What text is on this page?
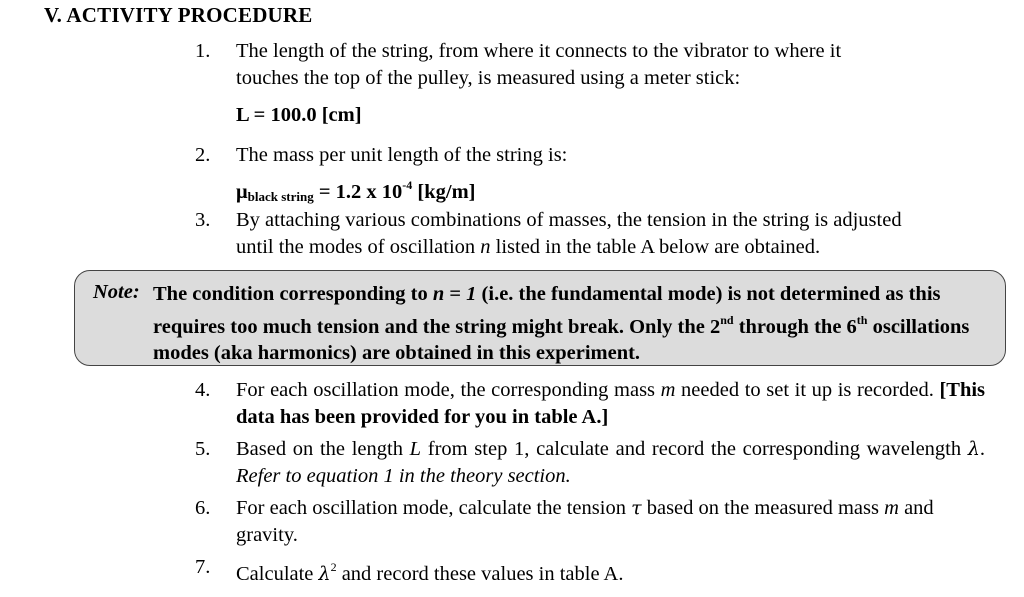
V. ACTIVITY PROCEDURE
1.	The length of the string, from where it connects to the vibrator to where it
touches the top of the pulley, is measured using a meter stick:
L = 100.0 [cm]
2.	The mass per unit length of the string is:
$\mu_{black string} = 1.2$ x $10^{-4}$ [kg/m]
3.	By attaching various combinations of masses, the tension in the string is adjusted
until the modes of oscillation n listed in the table A below are obtained.
Note: The condition corresponding to n = 1 (i.e. the fundamental mode) is not determined as this requires too much tension and the string might break. Only the 2nd through the 6th oscillations modes (aka harmonics) are obtained in this experiment.
4.	For each oscillation mode, the corresponding mass m needed to set it up is recorded. [This data has been provided for you in table A.]
5.	Based on the length L from step 1, calculate and record the corresponding wavelength λ. Refer to equation 1 in the theory section.
6.	For each oscillation mode, calculate the tension τ based on the measured mass m and gravity.
7.	Calculate $\lambda^2$ and record these values in table A.
